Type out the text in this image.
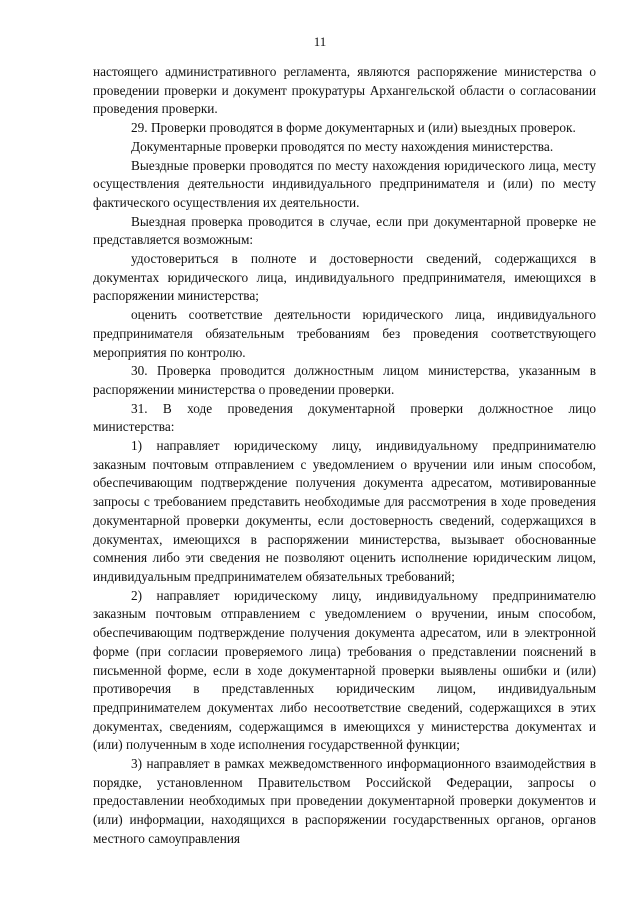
11

настоящего административного регламента, являются распоряжение министерства о проведении проверки и документ прокуратуры Архангельской области о согласовании проведения проверки.

29. Проверки проводятся в форме документарных и (или) выездных проверок.

Документарные проверки проводятся по месту нахождения министерства.

Выездные проверки проводятся по месту нахождения юридического лица, месту осуществления деятельности индивидуального предпринимателя и (или) по месту фактического осуществления их деятельности.

Выездная проверка проводится в случае, если при документарной проверке не представляется возможным:

удостовериться в полноте и достоверности сведений, содержащихся в документах юридического лица, индивидуального предпринимателя, имеющихся в распоряжении министерства;

оценить соответствие деятельности юридического лица, индивидуального предпринимателя обязательным требованиям без проведения соответствующего мероприятия по контролю.

30. Проверка проводится должностным лицом министерства, указанным в распоряжении министерства о проведении проверки.

31. В ходе проведения документарной проверки должностное лицо министерства:

1) направляет юридическому лицу, индивидуальному предпринимателю заказным почтовым отправлением с уведомлением о вручении или иным способом, обеспечивающим подтверждение получения документа адресатом, мотивированные запросы с требованием представить необходимые для рассмотрения в ходе проведения документарной проверки документы, если достоверность сведений, содержащихся в документах, имеющихся в распоряжении министерства, вызывает обоснованные сомнения либо эти сведения не позволяют оценить исполнение юридическим лицом, индивидуальным предпринимателем обязательных требований;

2) направляет юридическому лицу, индивидуальному предпринимателю заказным почтовым отправлением с уведомлением о вручении, иным способом, обеспечивающим подтверждение получения документа адресатом, или в электронной форме (при согласии проверяемого лица) требования о представлении пояснений в письменной форме, если в ходе документарной проверки выявлены ошибки и (или) противоречия в представленных юридическим лицом, индивидуальным предпринимателем документах либо несоответствие сведений, содержащихся в этих документах, сведениям, содержащимся в имеющихся у министерства документах и (или) полученным в ходе исполнения государственной функции;

3) направляет в рамках межведомственного информационного взаимодействия в порядке, установленном Правительством Российской Федерации, запросы о предоставлении необходимых при проведении документарной проверки документов и (или) информации, находящихся в распоряжении государственных органов, органов местного самоуправления
